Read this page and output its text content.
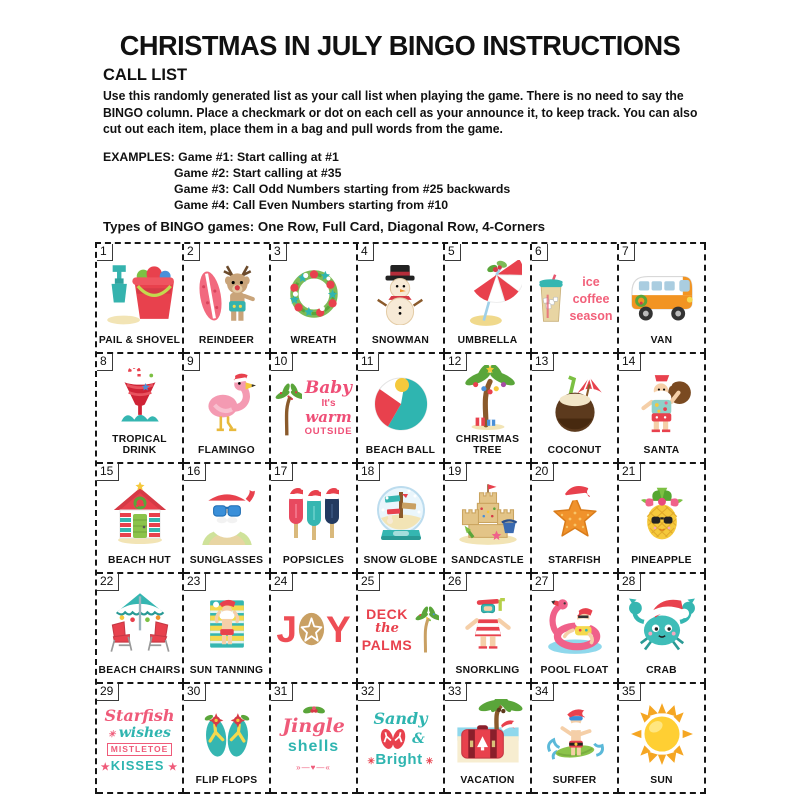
CHRISTMAS IN JULY BINGO INSTRUCTIONS
CALL LIST

Use this randomly generated list as your call list when playing the game. There is no need to say the BINGO column. Place a checkmark or dot on each cell as your announce it, to keep track. You can also cut out each item, place them in a bag and pull words from the game.

EXAMPLES: Game #1: Start calling at #1
Game #2: Start calling at #35
Game #3: Call Odd Numbers starting from #25 backwards
Game #4: Call Even Numbers starting from #10
Types of BINGO games: One Row, Full Card, Diagonal Row, 4-Corners
1
PAIL & SHOVEL
2
REINDEER
3
WREATH
4
SNOWMAN
5
UMBRELLA
6
ice
coffee
season
7
VAN
8
TROPICAL DRINK
9
FLAMINGO
10
Baby
It's
warm
OUTSIDE
11
BEACH BALL
12
CHRISTMAS TREE
13
COCONUT
14
SANTA
15
BEACH HUT
16
SUNGLASSES
17
POPSICLES
18
SNOW GLOBE
19
SANDCASTLE
20
STARFISH
21
PINEAPPLE
22
BEACH CHAIRS
23
SUN TANNING
24
J Y
25
DECK
the
PALMS
26
SNORKLING
27
POOL FLOAT
28
CRAB
29
Starfish
✳ wishes
MISTLETOE
★ KISSES ★
30
FLIP FLOPS
31
Jingle
shells
»—♥—«
32
Sandy
&
✳ Bright ✳
33
VACATION
34
SURFER
35
SUN
